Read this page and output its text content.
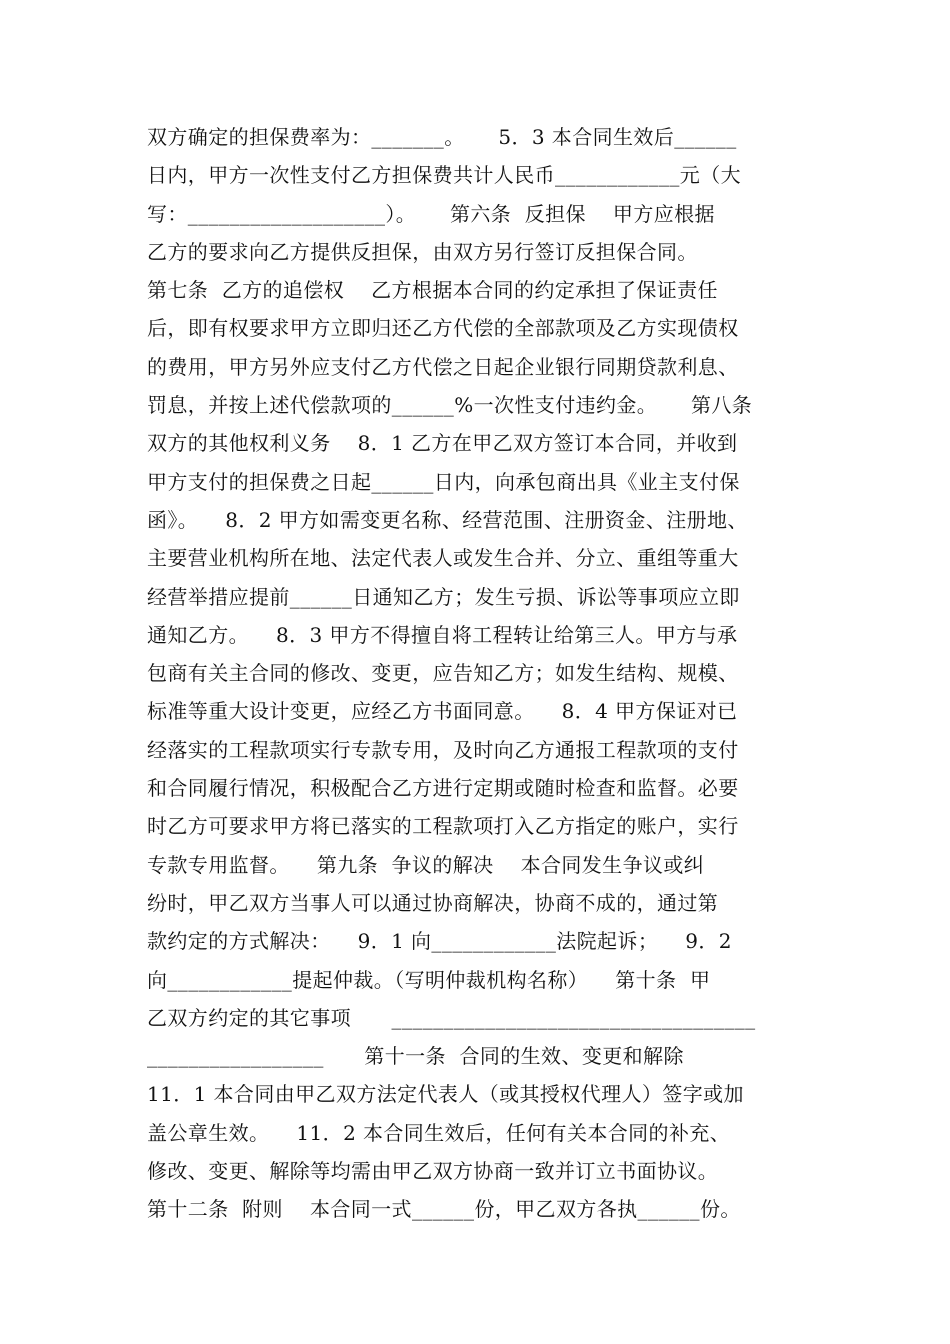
双方确定的担保费率为：_______。     5．3 本合同生效后______
日内，甲方一次性支付乙方担保费共计人民币____________元（大
写：___________________）。     第六条  反担保    甲方应根据
乙方的要求向乙方提供反担保，由双方另行签订反担保合同。
第七条  乙方的追偿权    乙方根据本合同的约定承担了保证责任
后，即有权要求甲方立即归还乙方代偿的全部款项及乙方实现债权
的费用，甲方另外应支付乙方代偿之日起企业银行同期贷款利息、
罚息，并按上述代偿款项的______%一次性支付违约金。     第八条
双方的其他权利义务    8．1 乙方在甲乙双方签订本合同，并收到
甲方支付的担保费之日起______日内，向承包商出具《业主支付保
函》。    8．2 甲方如需变更名称、经营范围、注册资金、注册地、
主要营业机构所在地、法定代表人或发生合并、分立、重组等重大
经营举措应提前______日通知乙方；发生亏损、诉讼等事项应立即
通知乙方。    8．3 甲方不得擅自将工程转让给第三人。甲方与承
包商有关主合同的修改、变更，应告知乙方；如发生结构、规模、
标准等重大设计变更，应经乙方书面同意。    8．4 甲方保证对已
经落实的工程款项实行专款专用，及时向乙方通报工程款项的支付
和合同履行情况，积极配合乙方进行定期或随时检查和监督。必要
时乙方可要求甲方将已落实的工程款项打入乙方指定的账户，实行
专款专用监督。    第九条  争议的解决    本合同发生争议或纠
纷时，甲乙双方当事人可以通过协商解决，协商不成的，通过第
款约定的方式解决：    9．1 向____________法院起诉；    9．2
向____________提起仲裁。（写明仲裁机构名称）    第十条  甲
乙双方约定的其它事项      ___________________________________
_________________      第十一条  合同的生效、变更和解除
11．1 本合同由甲乙双方法定代表人（或其授权代理人）签字或加
盖公章生效。    11．2 本合同生效后，任何有关本合同的补充、
修改、变更、解除等均需由甲乙双方协商一致并订立书面协议。
第十二条  附则    本合同一式______份，甲乙双方各执______份。
